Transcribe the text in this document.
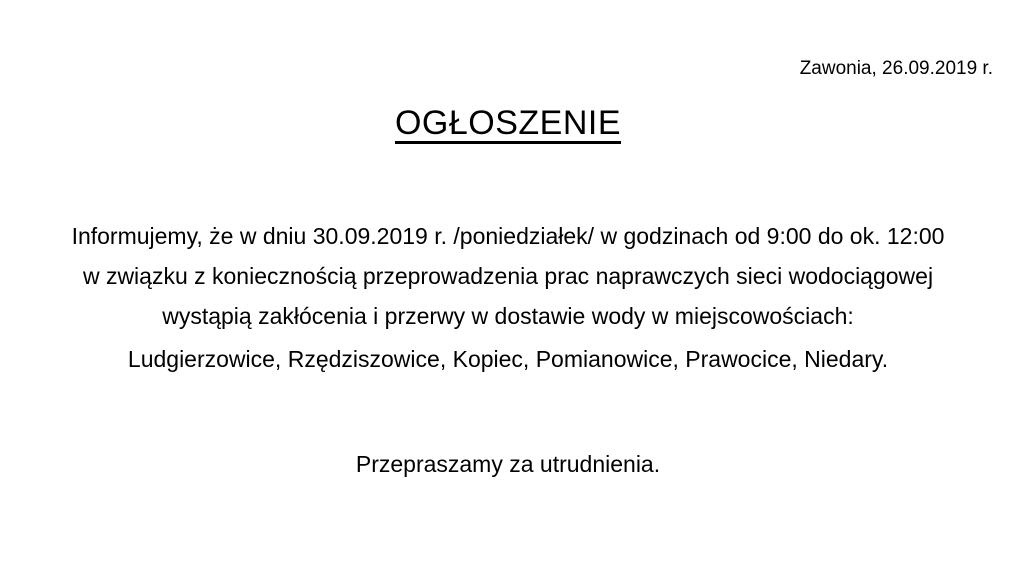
Zawonia, 26.09.2019 r.
OGŁOSZENIE
Informujemy, że w dniu 30.09.2019 r. /poniedziałek/ w godzinach od 9:00 do ok. 12:00
w związku z koniecznością przeprowadzenia prac naprawczych sieci wodociągowej
wystąpią zakłócenia i przerwy w dostawie wody w miejscowościach:
Ludgierzowice, Rzędziszowice, Kopiec, Pomianowice, Prawocice, Niedary.
Przepraszamy za utrudnienia.
